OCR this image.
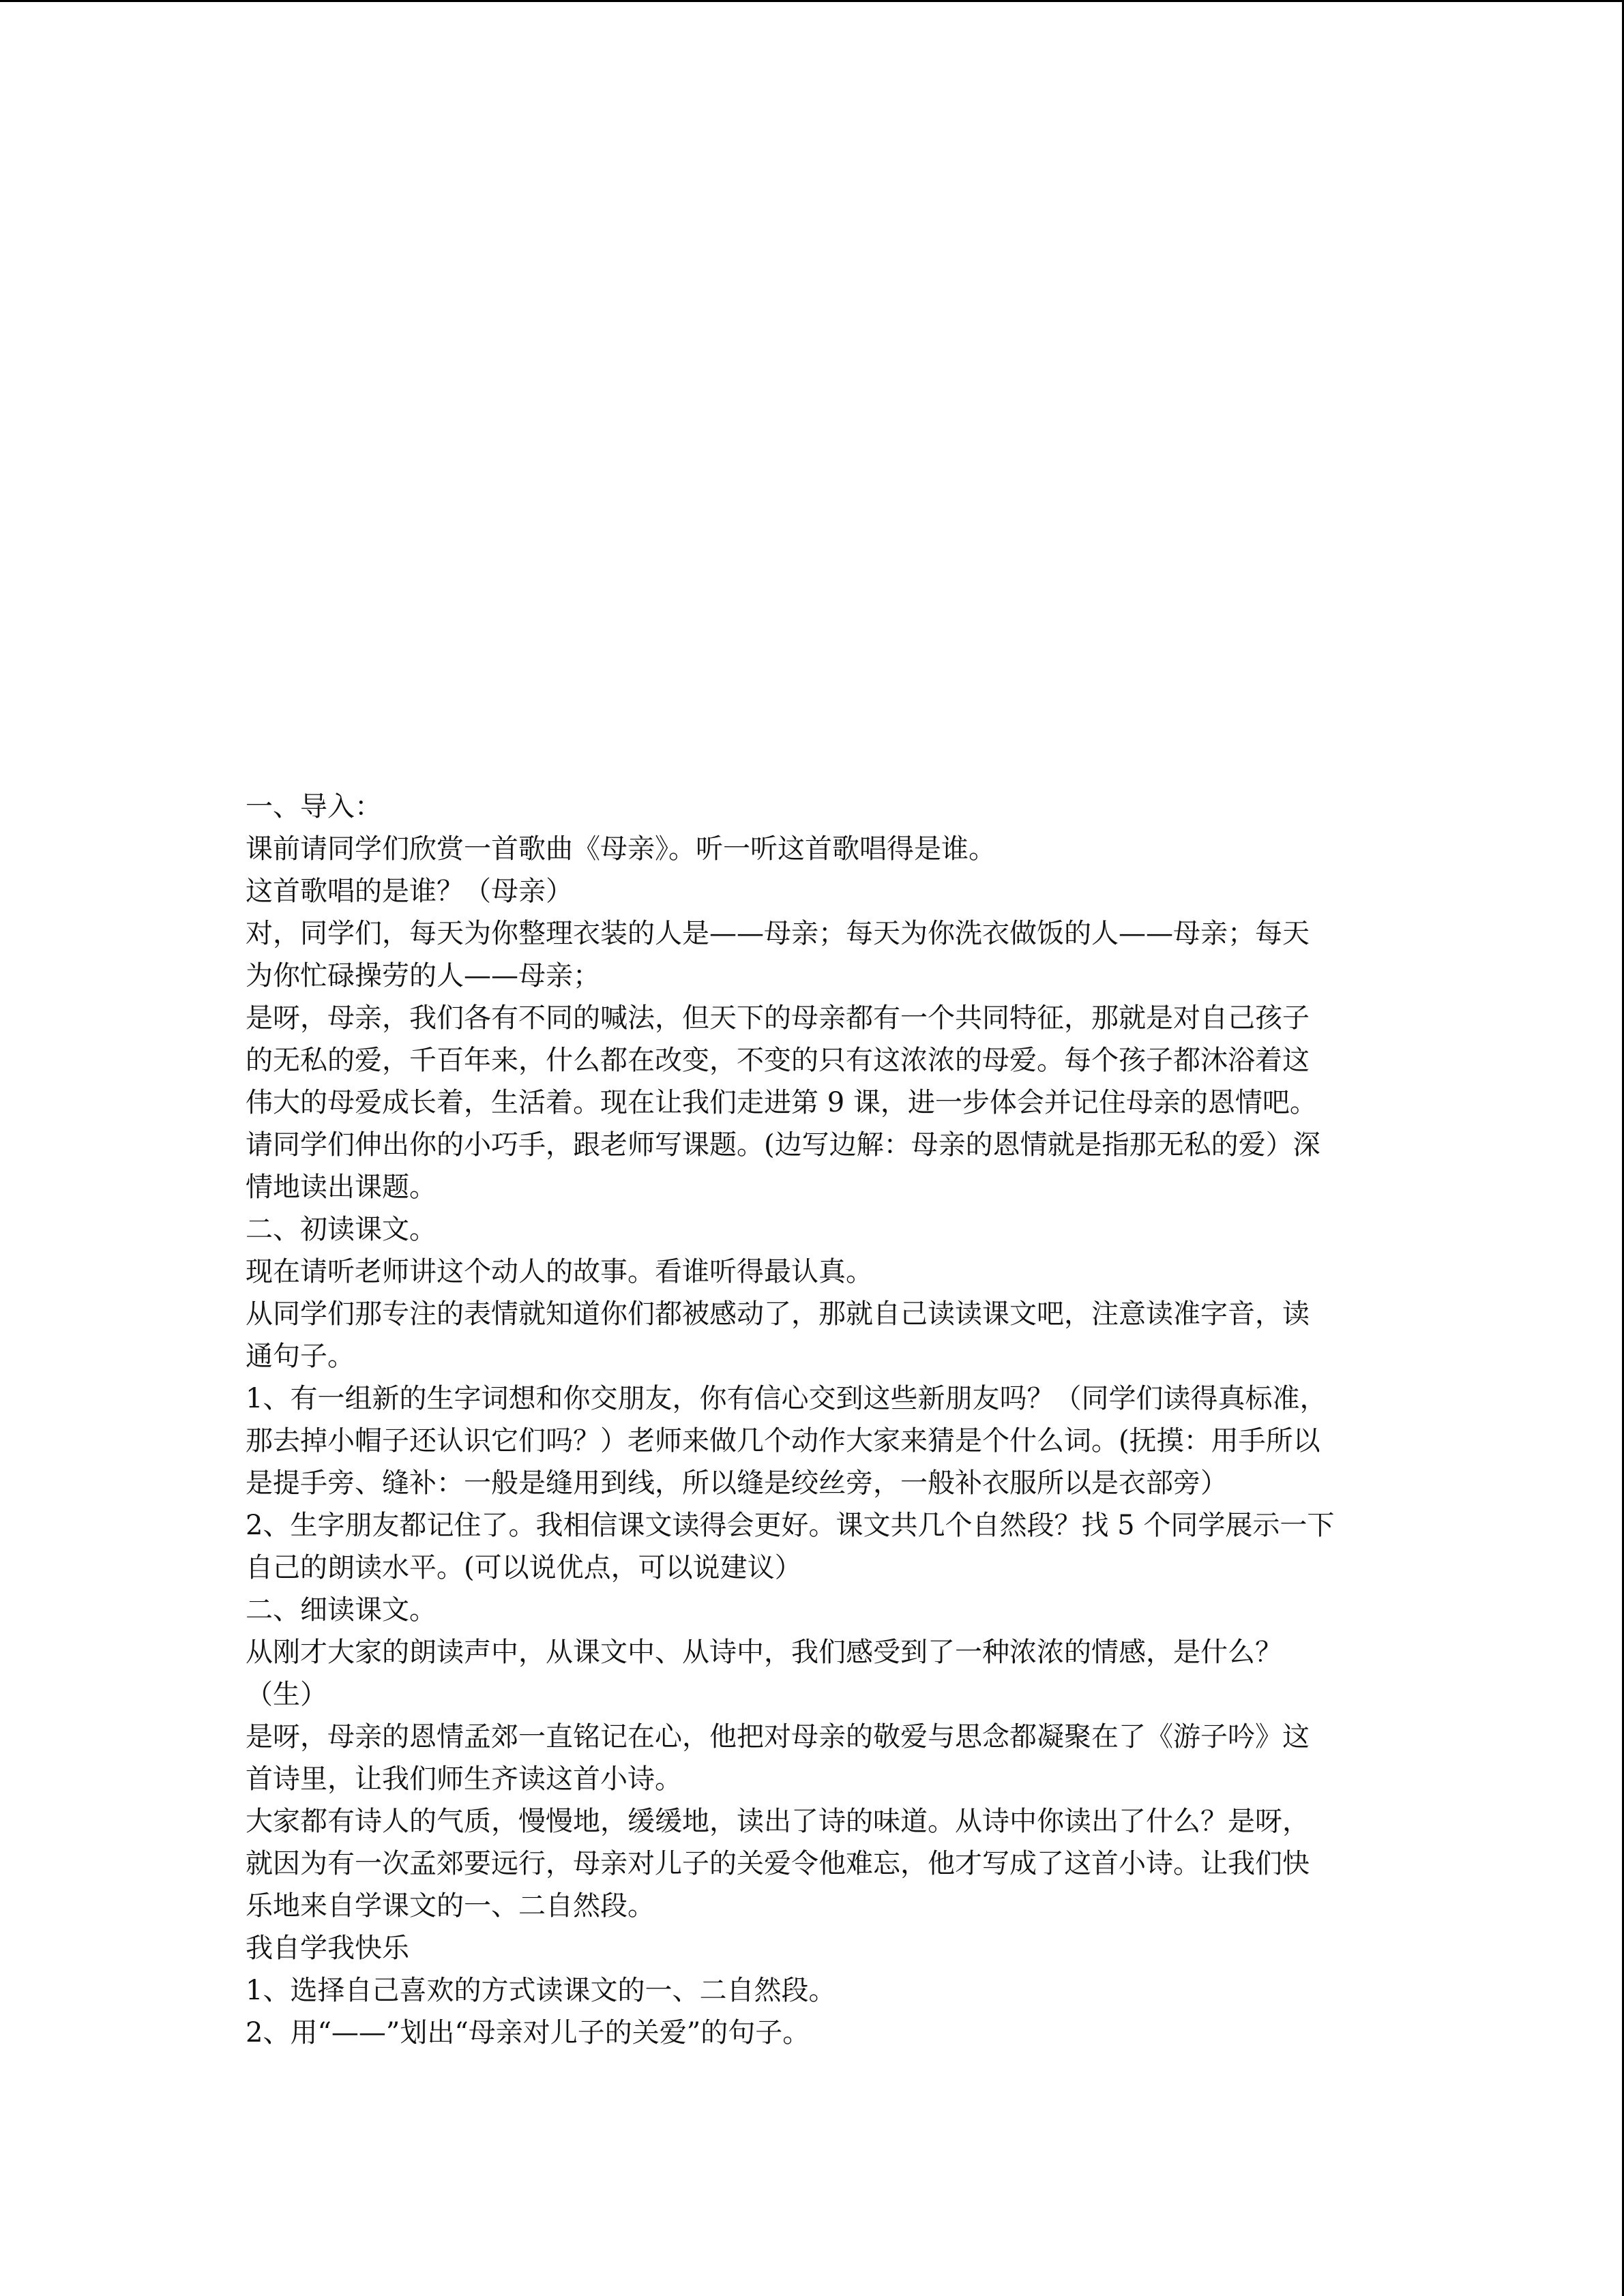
一、导入：
课前请同学们欣赏一首歌曲《母亲》。听一听这首歌唱得是谁。
这首歌唱的是谁？（母亲）
对，同学们，每天为你整理衣装的人是——母亲；每天为你洗衣做饭的人——母亲；每天
为你忙碌操劳的人——母亲；
是呀，母亲，我们各有不同的喊法，但天下的母亲都有一个共同特征，那就是对自己孩子
的无私的爱，千百年来，什么都在改变，不变的只有这浓浓的母爱。每个孩子都沐浴着这
伟大的母爱成长着，生活着。现在让我们走进第 9 课，进一步体会并记住母亲的恩情吧。
请同学们伸出你的小巧手，跟老师写课题。(边写边解：母亲的恩情就是指那无私的爱）深
情地读出课题。
二、初读课文。
现在请听老师讲这个动人的故事。看谁听得最认真。
从同学们那专注的表情就知道你们都被感动了，那就自己读读课文吧，注意读准字音，读
通句子。
1、有一组新的生字词想和你交朋友，你有信心交到这些新朋友吗？（同学们读得真标准，
那去掉小帽子还认识它们吗？）老师来做几个动作大家来猜是个什么词。(抚摸：用手所以
是提手旁、缝补：一般是缝用到线，所以缝是绞丝旁，一般补衣服所以是衣部旁）
2、生字朋友都记住了。我相信课文读得会更好。课文共几个自然段？找 5 个同学展示一下
自己的朗读水平。(可以说优点，可以说建议）
二、细读课文。
从刚才大家的朗读声中，从课文中、从诗中，我们感受到了一种浓浓的情感，是什么？
（生）
是呀，母亲的恩情孟郊一直铭记在心，他把对母亲的敬爱与思念都凝聚在了《游子吟》这
首诗里，让我们师生齐读这首小诗。
大家都有诗人的气质，慢慢地，缓缓地，读出了诗的味道。从诗中你读出了什么？是呀，
就因为有一次孟郊要远行，母亲对儿子的关爱令他难忘，他才写成了这首小诗。让我们快
乐地来自学课文的一、二自然段。
我自学我快乐
1、选择自己喜欢的方式读课文的一、二自然段。
2、用“——”划出“母亲对儿子的关爱”的句子。
